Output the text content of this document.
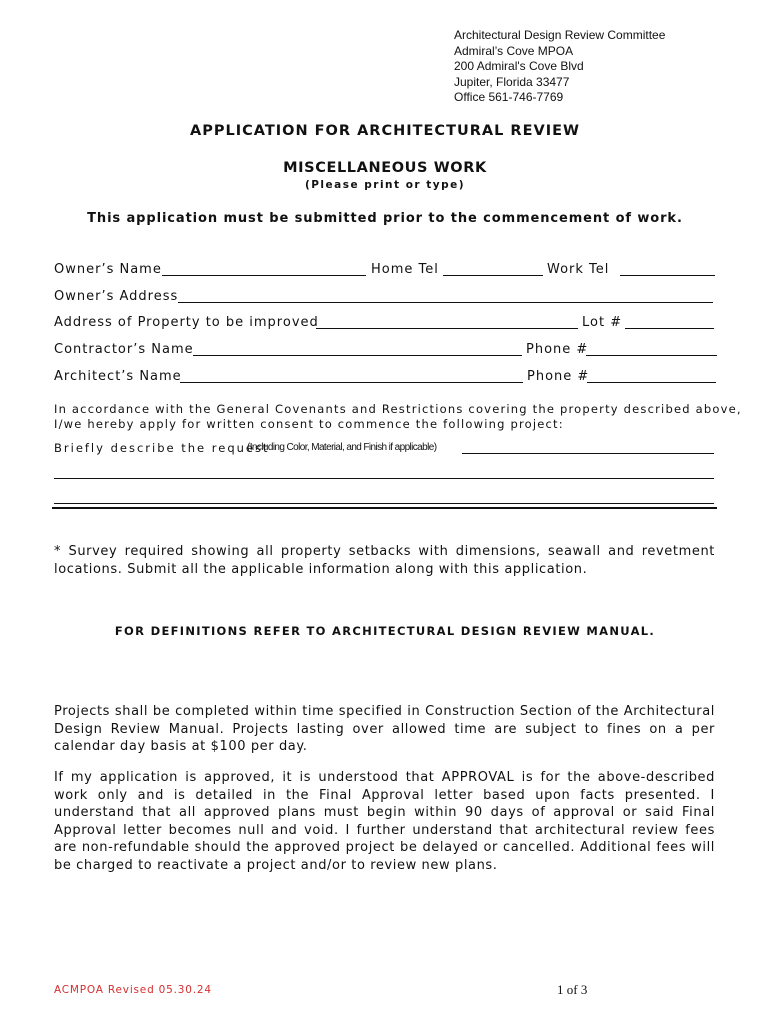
Architectural Design Review Committee
Admiral’s Cove MPOA
200 Admiral's Cove Blvd
Jupiter, Florida 33477
Office 561-746-7769
APPLICATION FOR ARCHITECTURAL REVIEW
MISCELLANEOUS WORK
(Please print or type)
This application must be submitted prior to the commencement of work.
Owner’s Name	Home Tel	Work Tel
Owner’s Address
Address of Property to be improved	Lot #
Contractor’s Name	Phone #
Architect’s Name	Phone #
In accordance with the General Covenants and Restrictions covering the property described above,
I/we hereby apply for written consent to commence the following project:
Briefly describe the request
(Including Color, Material, and Finish if applicable)
* Survey required showing all property setbacks with dimensions, seawall and revetment locations. Submit all the applicable information along with this application.
FOR DEFINITIONS REFER TO ARCHITECTURAL DESIGN REVIEW MANUAL.
Projects shall be completed within time specified in Construction Section of the Architectural Design Review Manual. Projects lasting over allowed time are subject to fines on a per calendar day basis at $100 per day.
If my application is approved, it is understood that APPROVAL is for the above-described work only and is detailed in the Final Approval letter based upon facts presented. I understand that all approved plans must begin within 90 days of approval or said Final Approval letter becomes null and void. I further understand that architectural review fees are non-refundable should the approved project be delayed or cancelled. Additional fees will be charged to reactivate a project and/or to review new plans.
ACMPOA Revised 05.30.24	1 of 3
